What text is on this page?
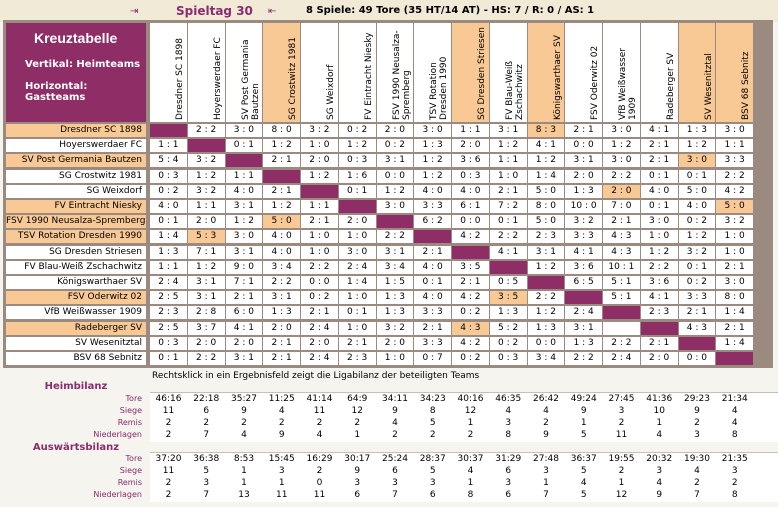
⇥	Spieltag 30 ⇤	8 Spiele: 49 Tore (35 HT/14 AT) - HS: 7 / R: 0 / AS: 1
Kreuztabelle
Vertikal: Heimteams
Horizontal: Gastteams	Dresdner SC 1898	Hoyerswerdaer FC SV Post Germania Bautzen	SG Crostwitz 1981	SG Weixdorf	FV Eintracht Niesky FSV 1990 Neusalza-Spremberg TSV Rotation Dresden 1990	SG Dresden Striesen FV Blau-Weiß Zschachwitz	Königswarthaer SV	FSV Oderwitz 02 VfB Weißwasser 1909	Radeberger SV	SV Wesenitztal	BSV 68 Sebnitz
Dresdner SC 1898	2 : 2	3 : 0	8 : 0	3 : 2	0 : 2	2 : 0	3 : 0	1 : 1	3 : 1	8 : 3	2 : 1	3 : 0	4 : 1	1 : 3	3 : 0
Hoyerswerdaer FC	1 : 1	0 : 1	1 : 2	1 : 0	1 : 2	0 : 2	1 : 3	2 : 0	1 : 2	4 : 1	0 : 0	1 : 2	2 : 1	1 : 2	1 : 1
SV Post Germania Bautzen	5 : 4	3 : 2	2 : 1	2 : 0	0 : 3	3 : 1	1 : 2	3 : 6	1 : 1	1 : 2	3 : 1	3 : 0	2 : 1	3 : 0	3 : 3
SG Crostwitz 1981	0 : 3	1 : 2	1 : 1	1 : 2	1 : 6	0 : 0	1 : 2	0 : 3	1 : 0	1 : 4	2 : 0	2 : 2	0 : 1	0 : 1	2 : 2
SG Weixdorf	0 : 2	3 : 2	4 : 0	2 : 1	0 : 1	1 : 2	4 : 0	4 : 0	2 : 1	5 : 0	1 : 3	2 : 0	4 : 0	5 : 0	4 : 2
FV Eintracht Niesky	4 : 0	1 : 1	3 : 1	1 : 2	1 : 1	3 : 0	3 : 3	6 : 1	7 : 2	8 : 0	10 : 0	7 : 0	0 : 1	4 : 0	5 : 0
FSV 1990 Neusalza-Spremberg	0 : 1	2 : 0	1 : 2	5 : 0	2 : 1	2 : 0	6 : 2	0 : 0	0 : 1	5 : 0	3 : 2	2 : 1	3 : 0	0 : 2	3 : 2
TSV Rotation Dresden 1990	1 : 4	5 : 3	3 : 0	4 : 0	1 : 0	1 : 0	2 : 2	4 : 2	2 : 2	2 : 3	3 : 3	4 : 3	1 : 0	1 : 2	1 : 0
SG Dresden Striesen	1 : 3	7 : 1	3 : 1	4 : 0	1 : 0	3 : 0	3 : 1	2 : 1	4 : 1	3 : 1	4 : 1	4 : 3	1 : 2	3 : 2	1 : 0
FV Blau-Weiß Zschachwitz	1 : 1	1 : 2	9 : 0	3 : 4	2 : 2	2 : 4	3 : 4	4 : 0	3 : 5	1 : 2	3 : 6	10 : 1	2 : 2	0 : 1	2 : 1
Königswarthaer SV	2 : 4	3 : 1	7 : 1	2 : 2	0 : 0	1 : 4	1 : 5	0 : 1	2 : 1	0 : 5	6 : 5	5 : 1	3 : 6	0 : 2	3 : 0
FSV Oderwitz 02	2 : 5	3 : 1	2 : 1	3 : 1	0 : 2	1 : 0	1 : 3	4 : 0	4 : 2	3 : 5	2 : 2	5 : 1	4 : 1	3 : 3	8 : 0
VfB Weißwasser 1909	2 : 3	2 : 8	6 : 0	1 : 3	2 : 1	0 : 1	1 : 3	3 : 3	0 : 2	1 : 3	1 : 2	2 : 4	2 : 3	2 : 1	1 : 4
Radeberger SV	2 : 5	3 : 7	4 : 1	2 : 0	2 : 4	1 : 0	3 : 2	2 : 1	4 : 3	5 : 2	1 : 3	3 : 1	4 : 3	2 : 1
SV Wesenitztal	0 : 3	2 : 0	2 : 0	2 : 1	2 : 0	2 : 1	2 : 0	3 : 3	4 : 2	0 : 2	0 : 0	1 : 3	2 : 2	2 : 1	1 : 4
BSV 68 Sebnitz	0 : 1	2 : 2	3 : 1	2 : 1	2 : 4	2 : 3	1 : 0	0 : 7	0 : 2	0 : 3	3 : 4	2 : 2	2 : 4	2 : 0	0 : 0
Rechtsklick in ein Ergebnisfeld zeigt die Ligabilanz der beteiligten Teams
Heimbilanz
Tore	46:16	22:18	35:27	11:25	41:14	64:9	34:11	34:23	40:16	46:35	26:42	49:24	27:45	41:36	29:23	21:34
Siege	11	6	9	4	11	12	9	8	12	4	4	9	3	10	9	4
Remis	2	2	2	2	2	2	4	5	1	3	2	1	2	1	2	4
Niederlagen	2	7	4	9	4	1	2	2	2	8	9	5	11	4	3	8
Auswärtsbilanz
Tore	37:20	36:38	8:53	15:45	16:29	30:17	25:24	28:37	30:37	31:29	27:48	36:37	19:55	20:32	19:30	21:35
Siege	11	5	1	3	2	9	6	5	4	6	3	5	2	3	4	3
Remis	2	3	1	1	0	3	3	3	1	3	1	4	1	4	2	2
Niederlagen	2	7	13	11	11	6	7	6	8	6	7	5	12	9	7	8
